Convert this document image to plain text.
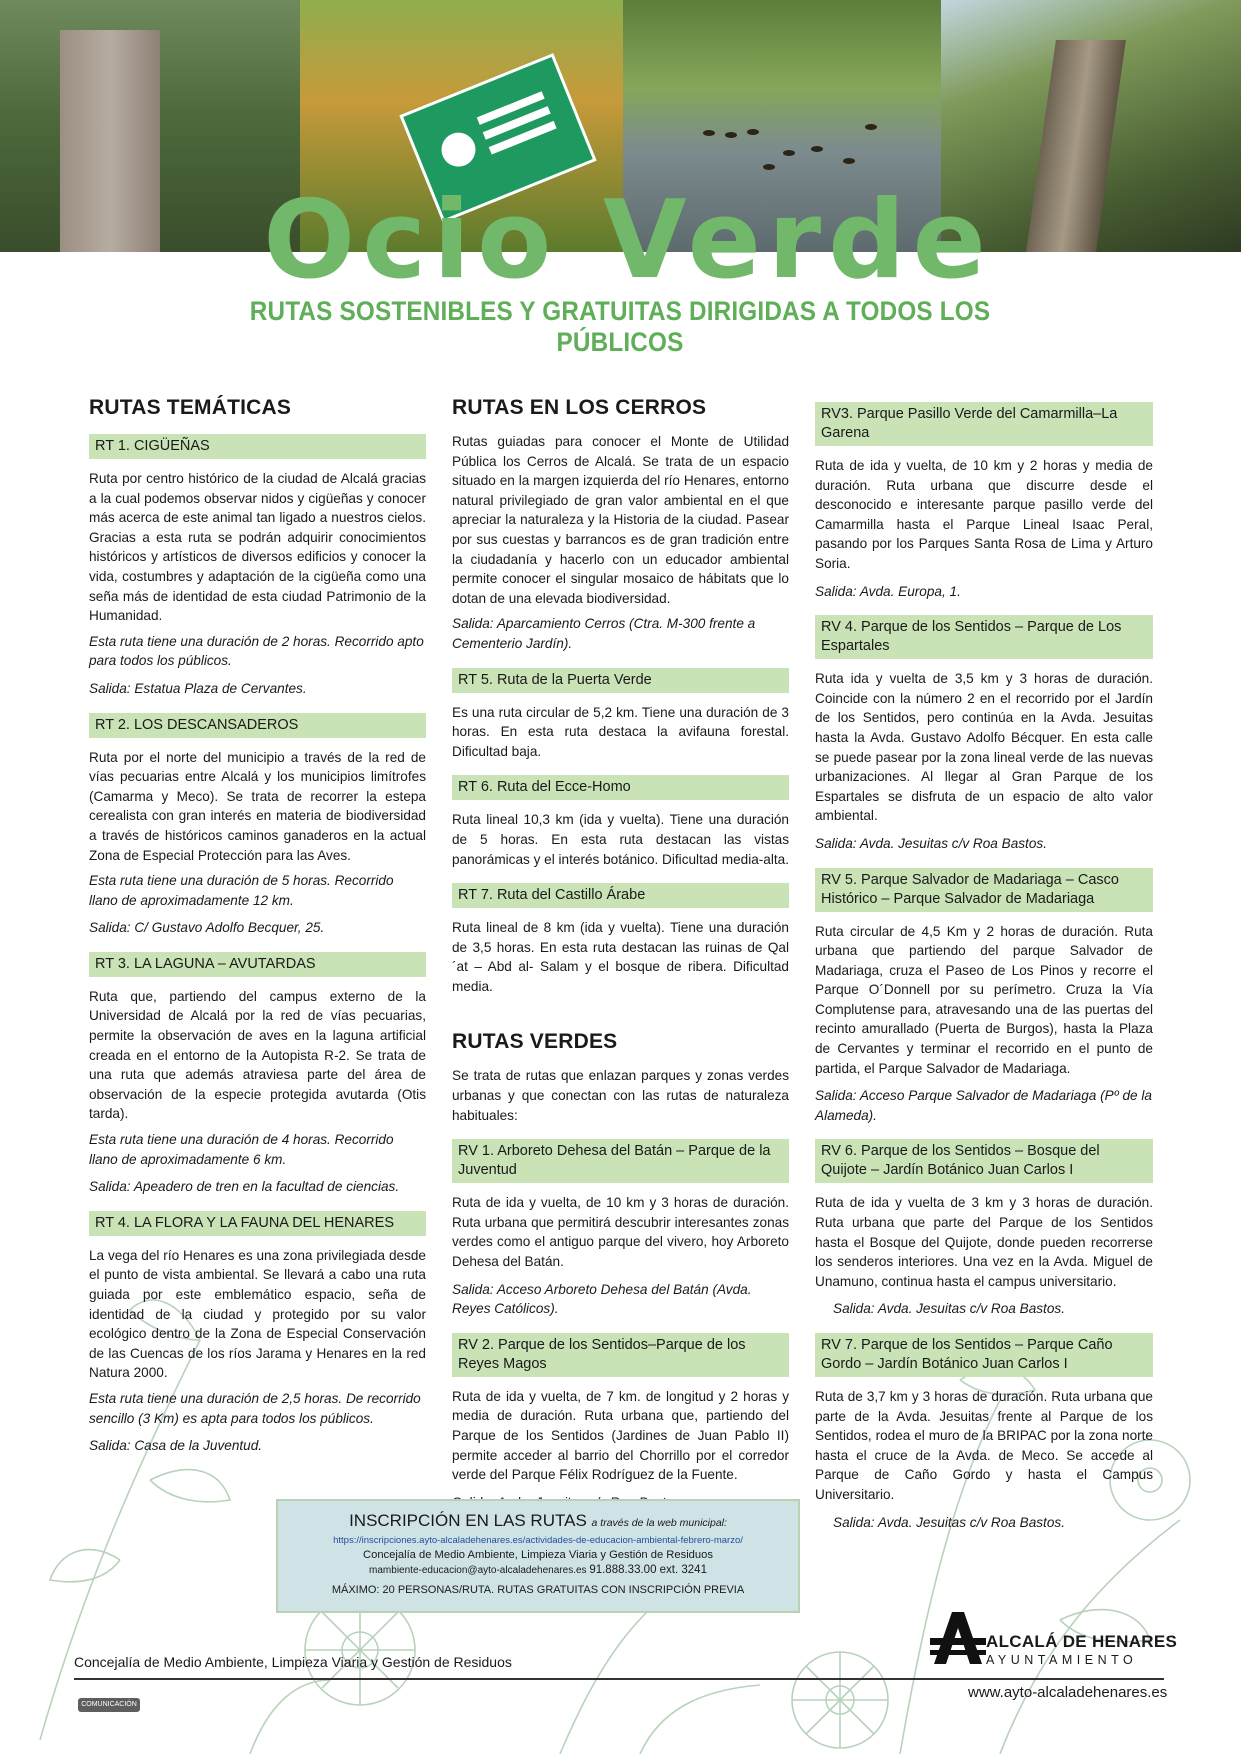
Ocio Verde
RUTAS SOSTENIBLES Y GRATUITAS DIRIGIDAS A TODOS LOS PÚBLICOS
RUTAS TEMÁTICAS
RT 1. CIGÜEÑAS

Ruta por centro histórico de la ciudad de Alcalá gracias a la cual podemos observar nidos y cigüeñas y conocer más acerca de este animal tan ligado a nuestros cielos. Gracias a esta ruta se podrán adquirir conocimientos históricos y artísticos de diversos edificios y conocer la vida, costumbres y adaptación de la cigüeña como una seña más de identidad de esta ciudad Patrimonio de la Humanidad.

Esta ruta tiene una duración de 2 horas. Recorrido apto para todos los públicos.

Salida: Estatua Plaza de Cervantes.

RT 2. LOS DESCANSADEROS

Ruta por el norte del municipio a través de la red de vías pecuarias entre Alcalá y los municipios limítrofes (Camarma y Meco). Se trata de recorrer la estepa cerealista con gran interés en materia de biodiversidad a través de históricos caminos ganaderos en la actual Zona de Especial Protección para las Aves.

Esta ruta tiene una duración de 5 horas. Recorrido llano de aproximadamente 12 km.

Salida: C/ Gustavo Adolfo Becquer, 25.

RT 3. LA LAGUNA – AVUTARDAS

Ruta que, partiendo del campus externo de la Universidad de Alcalá por la red de vías pecuarias, permite la observación de aves en la laguna artificial creada en el entorno de la Autopista R-2. Se trata de una ruta que además atraviesa parte del área de observación de la especie protegida avutarda (Otis tarda).

Esta ruta tiene una duración de 4 horas. Recorrido llano de aproximadamente 6 km.

Salida: Apeadero de tren en la facultad de ciencias.

RT 4. LA FLORA Y LA FAUNA DEL HENARES

La vega del río Henares es una zona privilegiada desde el punto de vista ambiental. Se llevará a cabo una ruta guiada por este emblemático espacio, seña de identidad de la ciudad y protegido por su valor ecológico dentro de la Zona de Especial Conservación de las Cuencas de los ríos Jarama y Henares en la red Natura 2000.

Esta ruta tiene una duración de 2,5 horas. De recorrido sencillo (3 Km) es apta para todos los públicos.

Salida: Casa de la Juventud.

RUTAS EN LOS CERROS

Rutas guiadas para conocer el Monte de Utilidad Pública los Cerros de Alcalá. Se trata de un espacio situado en la margen izquierda del río Henares, entorno natural privilegiado de gran valor ambiental en el que apreciar la naturaleza y la Historia de la ciudad. Pasear por sus cuestas y barrancos es de gran tradición entre la ciudadanía y hacerlo con un educador ambiental permite conocer el singular mosaico de hábitats que lo dotan de una elevada biodiversidad.

Salida: Aparcamiento Cerros (Ctra. M-300 frente a Cementerio Jardín).

RT 5. Ruta de la Puerta Verde

Es una ruta circular de 5,2 km. Tiene una duración de 3 horas. En esta ruta destaca la avifauna forestal. Dificultad baja.

RT 6. Ruta del Ecce-Homo

Ruta lineal 10,3 km (ida y vuelta). Tiene una duración de 5 horas. En esta ruta destacan las vistas panorámicas y el interés botánico. Dificultad media-alta.

RT 7. Ruta del Castillo Árabe

Ruta lineal de 8 km (ida y vuelta). Tiene una duración de 3,5 horas. En esta ruta destacan las ruinas de Qal´at – Abd al- Salam y el bosque de ribera. Dificultad media.

RUTAS VERDES

Se trata de rutas que enlazan parques y zonas verdes urbanas y que conectan con las rutas de naturaleza habituales:

RV 1. Arboreto Dehesa del Batán – Parque de la Juventud

Ruta de ida y vuelta, de 10 km y 3 horas de duración. Ruta urbana que permitirá descubrir interesantes zonas verdes como el antiguo parque del vivero, hoy Arboreto Dehesa del Batán.

Salida: Acceso Arboreto Dehesa del Batán (Avda. Reyes Católicos).

RV 2. Parque de los Sentidos–Parque de los Reyes Magos

Ruta de ida y vuelta, de 7 km. de longitud y 2 horas y media de duración. Ruta urbana que, partiendo del Parque de los Sentidos (Jardines de Juan Pablo II) permite acceder al barrio del Chorrillo por el corredor verde del Parque Félix Rodríguez de la Fuente.

RV3. Parque Pasillo Verde del Camarmilla–La Garena

Ruta de ida y vuelta, de 10 km y 2 horas y media de duración. Ruta urbana que discurre desde el desconocido e interesante parque pasillo verde del Camarmilla hasta el Parque Lineal Isaac Peral, pasando por los Parques Santa Rosa de Lima y Arturo Soria.

Salida: Avda. Europa, 1.

RV 4. Parque de los Sentidos – Parque de Los Espartales

Ruta ida y vuelta de 3,5 km y 3 horas de duración. Coincide con la número 2 en el recorrido por el Jardín de los Sentidos, pero continúa en la Avda. Jesuitas hasta la Avda. Gustavo Adolfo Bécquer. En esta calle se puede pasear por la zona lineal verde de las nuevas urbanizaciones. Al llegar al Gran Parque de los Espartales se disfruta de un espacio de alto valor ambiental.

Salida: Avda. Jesuitas c/v Roa Bastos.

RV 5. Parque Salvador de Madariaga – Casco Histórico – Parque Salvador de Madariaga

Ruta circular de 4,5 Km y 2 horas de duración. Ruta urbana que partiendo del parque Salvador de Madariaga, cruza el Paseo de Los Pinos y recorre el Parque O´Donnell por su perímetro. Cruza la Vía Complutense para, atravesando una de las puertas del recinto amurallado (Puerta de Burgos), hasta la Plaza de Cervantes y terminar el recorrido en el punto de partida, el Parque Salvador de Madariaga.

Salida: Acceso Parque Salvador de Madariaga (Pº de la Alameda).

RV 6. Parque de los Sentidos – Bosque del Quijote – Jardín Botánico Juan Carlos I

Ruta de ida y vuelta de 3 km y 3 horas de duración. Ruta urbana que parte del Parque de los Sentidos hasta el Bosque del Quijote, donde pueden recorrerse los senderos interiores. Una vez en la Avda. Miguel de Unamuno, continua hasta el campus universitario.

Salida: Avda. Jesuitas c/v Roa Bastos.

RV 7. Parque de los Sentidos – Parque Caño Gordo – Jardín Botánico Juan Carlos I

Ruta de 3,7 km y 3 horas de duración. Ruta urbana que parte de la Avda. Jesuitas frente al Parque de los Sentidos, rodea el muro de la BRIPAC por la zona norte hasta el cruce de la Avda. de Meco. Se accede al Parque de Caño Gordo y hasta el Campus Universitario.

Salida: Avda. Jesuitas c/v Roa Bastos.

INSCRIPCIÓN EN LAS RUTAS a través de la web municipal:
https://inscripciones.ayto-alcaladehenares.es/actividades-de-educacion-ambiental-febrero-marzo/
Concejalía de Medio Ambiente, Limpieza Viaria y Gestión de Residuos
mambiente-educacion@ayto-alcaladehenares.es 91.888.33.00 ext. 3241
MÁXIMO: 20 PERSONAS/RUTA. RUTAS GRATUITAS CON INSCRIPCIÓN PREVIA
Concejalía de Medio Ambiente, Limpieza Viaria y Gestión de Residuos
COMUNICACIÓN
ALCALÁ DE HENARES
AYUNTAMIENTO
www.ayto-alcaladehenares.es
